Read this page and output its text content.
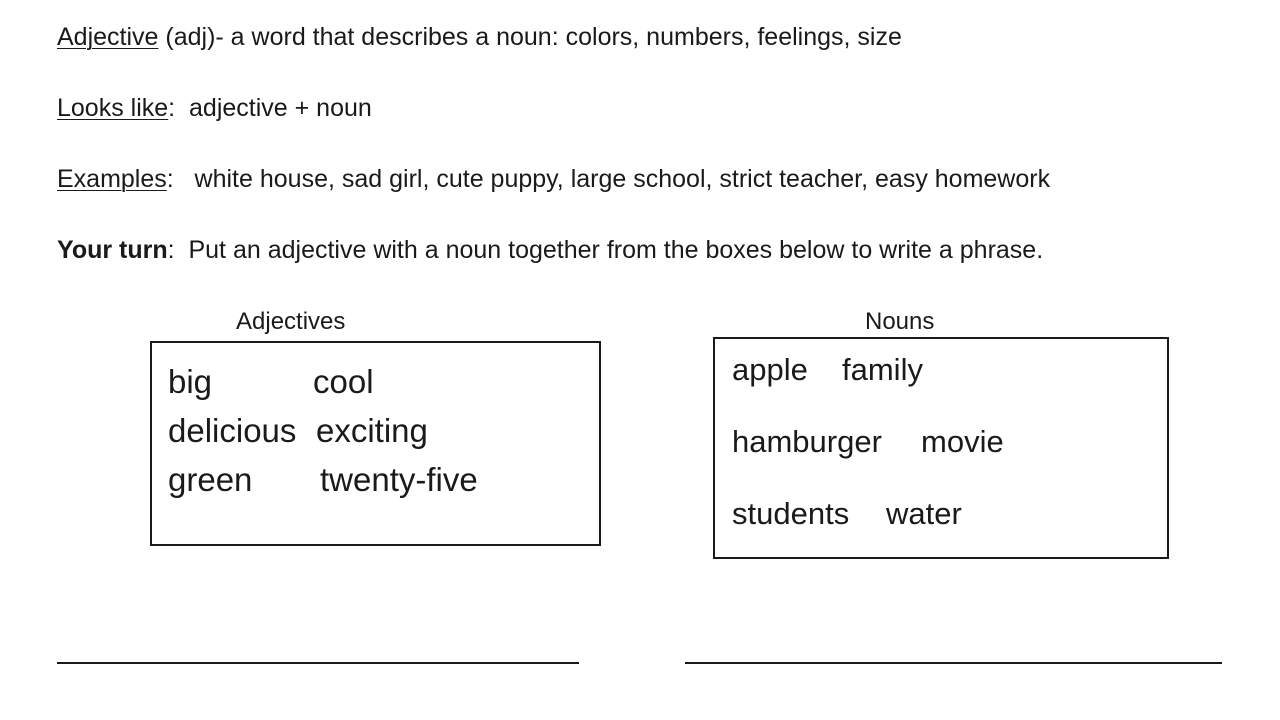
Adjective (adj)- a word that describes a noun: colors, numbers, feelings, size
Looks like:  adjective + noun
Examples:   white house, sad girl, cute puppy, large school, strict teacher, easy homework
Your turn:  Put an adjective with a noun together from the boxes below to write a phrase.
Adjectives
big	cool
delicious exciting
green twenty-five
Nouns
apple family
hamburger movie
students water
